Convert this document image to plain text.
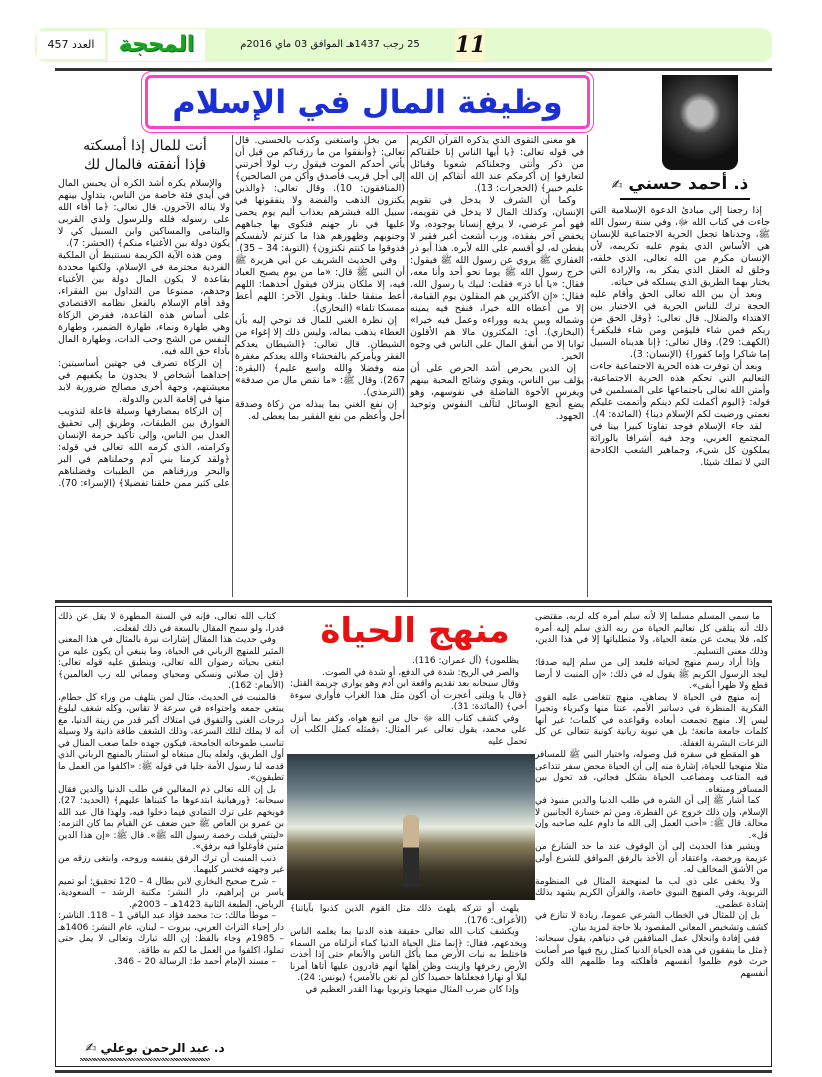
العدد 457	المحجة	25 رجب 1437هـ الموافق 03 ماي 2016م	11
وظيفة المال في الإسلام
ذ. أحمد حسني ✍

إذا رجعنا إلى مبادئ الدعوة الإسلامية التي جاءت في كتاب الله ﷻ، وفي سنة رسول الله ﷺ، وجدناها تجعل الحرية الاجتماعية للإنسان هي الأساس الذي يقوم عليه تكريمه، لأن الإنسان مكرم من الله تعالى، الذي خلقه، وخلق له العقل الذي يفكر به، والإرادة التي يختار بهما الطريق الذي يسلكه في حياته.

وبعد أن بين الله تعالى الحق وأقام عليه الحجة ترك للناس الحرية في الاختيار بين الاهتداء والضلال. قال تعالى: ﴿وقل الحق من ربكم فمن شاء فليؤمن ومن شاء فليكفر﴾ (الكهف: 29). وقال تعالى: ﴿إنا هديناه السبيل إما شاكرا وإما كفورا﴾ (الإنسان: 3).

وبعد أن توفرت هذه الحرية الاجتماعية جاءت التعاليم التي تحكم هذه الحرية الاجتماعية، وأمتن الله تعالى باجتماعها على المسلمين في قوله: ﴿اليوم أكملت لكم دينكم وأتممت عليكم نعمتي ورضيت لكم الإسلام دينا﴾ (المائدة: 4).

لقد جاء الإسلام فوجد تفاوتا كبيرا بينا في المجتمع العربي، وجد فيه أشرافا بالوراثة يملكون كل شيء، وجماهير الشعب الكادحة التي لا تملك شيئا.

هو معنى التقوى الذي يذكره القرآن الكريم في قوله تعالى: ﴿يا أيها الناس إنا خلقناكم من ذكر وأنثى وجعلناكم شعوبا وقبائل لتعارفوا إن أكرمكم عند الله أتقاكم إن الله عليم خبير﴾ (الحجرات: 13).

وكما أن الشرف لا يدخل في تقويم الإنسان، وكذلك المال لا يدخل في تقويمه، فهو أمر عرضي، لا يرفع إنسانا بوجوده، ولا يخفض آخر بفقده، ورب أشعث أغبر فقير لا يفطن له، لو أقسم على الله لأبره. هذا أبو ذر الغفاري ﷺ يروي عن رسول الله ﷺ فيقول: خرج رسول الله ﷺ يوما نحو أحد وأنا معه، فقال: «يا أبا ذر» فقلت: لبيك يا رسول الله. فقال: «إن الأكثرين هم المقلون يوم القيامة، إلا من أعطاه الله خيرا، فنفح فيه يمينه وشماله وبين يديه ووراءه وعمل فيه خيرا» (البخاري). أي: المكثرون مالا هم الأقلون ثوابا إلا من أنفق المال على الناس في وجوه الخير.

إن الدين يحرص أشد الحرص على أن يؤلف بين الناس، ويقوي وشائج المحبة بينهم ويغرس الأخوة الفاضلة في نفوسهم، وهو يضع أنجع الوسائل لتآلف النفوس وتوحيد الجهود.

من بخل واستغنى وكذب بالحسنى. قال تعالى: ﴿وأنفقوا من ما رزقناكم من قبل أن يأتي أحدكم الموت فيقول رب لولا أخرتني إلى أجل قريب فأصدق وأكن من الصالحين﴾ (المنافقون: 10). وقال تعالى: ﴿والذين يكنزون الذهب والفضة ولا ينفقونها في سبيل الله فبشرهم بعذاب أليم يوم يحمى عليها في نار جهنم فتكوى بها جباههم وجنوبهم وظهورهم هذا ما كنزتم لأنفسكم فذوقوا ما كنتم تكنزون﴾ (التوبة: 34 – 35).

وفي الحديث الشريف عن أبي هريرة ﷺ أن النبي ﷺ قال: «ما من يوم يصبح العباد فيه، إلا ملكان ينزلان فيقول أحدهما: اللهم أعط منفقا خلفا. ويقول الآخر: اللهم أعط ممسكا تلفا» (البخاري).

إن نظرة الغني للمال قد توحي إليه بأن العطاء يذهب بماله، وليس ذلك إلا إغواء من الشيطان. قال تعالى: ﴿الشيطان يعدكم الفقر ويأمركم بالفحشاء والله يعدكم مغفرة منه وفضلا والله واسع عليم﴾ (البقرة: 267). وقال ﷺ: «ما نقص مال من صدقة» (الترمذي).

إن نفع الغني بما يبذله من زكاة وصدقة أجل وأعظم من نفع الفقير بما يعطى له.

أنت للمال إذا أمسكته
فإذا أنفقته فالمال لك

والإسلام يكره أشد الكره أن يحبس المال في أيدي فئة خاصة من الناس، يتداول بينهم ولا يناله الآخرون. قال تعالى: ﴿ما أفاء الله على رسوله فلله وللرسول ولذي القربى واليتامى والمساكين وابن السبيل كي لا يكون دولة بين الأغنياء منكم﴾ (الحشر: 7).

ومن هذه الآية الكريمة نستنبط أن الملكية الفردية محترمة في الإسلام، ولكنها محددة بقاعدة لا يكون المال دولة بين الأغنياء وحدهم، ممنوعا من التداول بين الفقراء، وقد أقام الإسلام بالفعل نظامه الاقتصادي على أساس هذه القاعدة، ففرض الزكاة وهي طهارة ونماء، طهارة الضمير، وطهارة النفس من الشح وحب الذات، وطهارة المال بأداء حق الله فيه.

إن الزكاة تصرف في جهتين أساسيتين: إحداهما أشخاص لا يجدون ما يكفيهم في معيشتهم، وجهة أخرى مصالح ضرورية لابد منها في إقامة الدين والدولة.

إن الزكاة بمصارفها وسيلة فاعلة لتذويب الفوارق بين الطبقات، وطريق إلى تحقيق العدل بين الناس، وإلى تأكيد حرمة الإنسان وكرامته، الذي كرمه الله تعالى في قوله: ﴿ولقد كرمنا بني آدم وحملناهم في البر والبحر ورزقناهم من الطيبات وفضلناهم على كثير ممن خلقنا تفضيلا﴾ (الإسراء: 70).

ما سمي المسلم مسلما إلا لأنه سلم أمره كله لربه، مقتضى ذلك أنه يتلقى كل تعاليم الحياة من ربه الذي سلم إليه أمره كله، فلا يبحث عن متعة الحياة، ولا متطلباتها إلا في هذا الدين، وذلك معنى التسليم.

وإذا أراد رسم منهج لحياته فليعد إلى من سلم إليه صدقا؛ ليجد الرسول الكريم ﷺ يقول له في ذلك: «إن المنبت لا أرضا قطع ولا ظهرا أبقى».

إنه منهج في الحياة لا يضاهى، منهج تتغاضى عليه القوى الفكرية المنظرة في دساتير الأمم، عنتا منها وكبرياء وتجبرا ليس إلا. منهج تجمعت أبعاده وقواعده في كلمات؛ غير أنها كلمات جامعة مانعة؛ بل هي نبوية ربانية كونية تتعالى عن كل النزعات البشرية الغفلة.

هو المقطع في سفره قبل وصوله، واختيار النبي ﷺ للمسافر مثلا منهجيا للحياة، إشارة منه إلى أن الحياة محض سفر تتداعى فيه المتاعب ومصاعب الحياة بشكل فجائي، قد تحول بين المسافر ومبتغاه.

كما أشار ﷺ إلى أن الشره في طلب الدنيا والدين منبوذ في الإسلام، وإن ذلك خروج عن الفطرة، ومن ثم خسارة الجانبين لا محالة. قال ﷺ: «أحب العمل إلى الله ما داوم عليه صاحبه وإن قل».

ويشير هذا الحديث إلى أن الوقوف عند ما حد الشارع من عزيمة ورخصة، واعتقاد أن الأخذ بالرفق الموافق للشرع أولى من الأشق المخالف له.

ولا يخفى على ذي لب ما لمنهجية المثال في المنظومة التربوية، وفي المنهج النبوي خاصة، والقرآن الكريم يشهد بذلك إشادة عظمى.

بل إن للمثال في الخطاب الشرعي عموما، ريادة لا تنازع في كشف وتشخيص المعاني المقصود بلا حاجة لمزيد بيان.

ففي إفادة وانحلال عمل المنافقين في دنياهم، يقول سبحانه: ﴿مثل ما ينفقون في هذه الحياة الدنيا كمثل ريح فيها صر أصابت حرث قوم ظلموا أنفسهم فأهلكته وما ظلمهم الله ولكن أنفسهم

منهج الحياة

يظلمون﴾ (آل عمران: 116).

والصر في الريح: شدة في الدفع، أو شدة في الصوت.

وقال سبحانه بعد تقديم واقعة ابن آدم وهو يواري جريمة القتل: ﴿قال يا ويلتى أعجزت أن أكون مثل هذا الغراب فأواري سوءة أخي﴾ (المائدة: 31).

وفي كشف كتاب الله ﷻ حال من اتبع هواه، وكفر بما أنزل على محمد، يقول تعالى عبر المثال: ﴿فمثله كمثل الكلب إن تحمل عليه

يلهث أو تتركه يلهث ذلك مثل القوم الذين كذبوا بآياتنا﴾ (الأعراف: 176).

ويكشف كتاب الله تعالى حقيقة هذه الدنيا بما يعلمه الناس ويخدعهم، فقال: ﴿إنما مثل الحياة الدنيا كماء أنزلناه من السماء فاختلط به نبات الأرض مما يأكل الناس والأنعام حتى إذا أخذت الأرض زخرفها وازينت وظن أهلها أنهم قادرون عليها أتاها أمرنا ليلا أو نهارا فجعلناها حصيدا كأن لم تغن بالأمس﴾ (يونس: 24).

وإذا كان ضرب المثال منهجيا وتربويا بهذا القدر العظيم في

كتاب الله تعالى، فإنه في السنة المطهرة لا يقل عن ذلك قدرا، ولو سمح المقال بالسعة في ذلك لفعلت.

وفي حديث هذا المقال إشارات نيرة بالمثال في هذا المعنى المثير للمنهج الرباني في الحياة، وما ينبغي أن يكون عليه من ابتغى بحياته رضوان الله تعالى، وينطبق عليه قوله تعالى: ﴿قل إن صلاتي ونسكي ومحياي ومماتي لله رب العالمين﴾ (الأنعام: 162).

فالمنبت في الحديث، مثال لمن يتلهف من وراء كل حطام، يبتغي جمعه واحتواءه في سرعة لا تقاس، وكله شغف لبلوغ درجات الغنى والتفوق في امتلاك أكبر قدر من زينة الدنيا، مع أنه لا يملك لتلك السرعة، وذلك الشغف طاقة ذاتية ولا وسيلة تناسب طموحاته الجامحة، فيكون جهده حلما صعب المنال في أول الطريق، ولعله ينال مبتغاه لو استنار بالمنهج الرباني الذي قدمه لنا رسول الأمة جليا في قوله ﷺ: «اكلفوا من العمل ما تطيقون».

بل إن الله تعالى ذم المغالين في طلب الدنيا والدين فقال سبحانه: ﴿ورهبانية ابتدعوها ما كتبناها عليهم﴾ (الحديد: 27). فوبخهم على ترك التمادي فيما دخلوا فيه، ولهذا قال عبد الله بن عمرو بن العاص ﷺ حين ضعف عن القيام بما كان التزمه: «ليتني قبلت رخصة رسول الله ﷺ». قال ﷺ: «إن هذا الدين متين فأوغلوا فيه برفق».

ذنب المنبت أن ترك الرفق بنفسه وروحه، وابتغى رزقه من غير وجهته فخسر كليهما.

– شرح صحيح البخاري لابن بطال 4 – 120 تحقيق: أبو تميم ياسر بن إبراهيم، دار النشر: مكتبة الرشد – السعودية، الرياض، الطبعة الثانية 1423هـ – 2003م.

– موطأ مالك: ت: محمد فؤاد عبد الباقي 1 – 118. الناشر: دار إحياء التراث العربي، بيروت – لبنان، عام النشر: 1406هـ – 1985م وجاء بالفظ: إن الله تبارك وتعالى لا يمل حتى تملوا، اكلفوا من العمل ما لكم به طاقة.

– مسند الإمام أحمد ط: الرسالة 20 – 346.

د. عبد الرحمن بوعلي ✍
